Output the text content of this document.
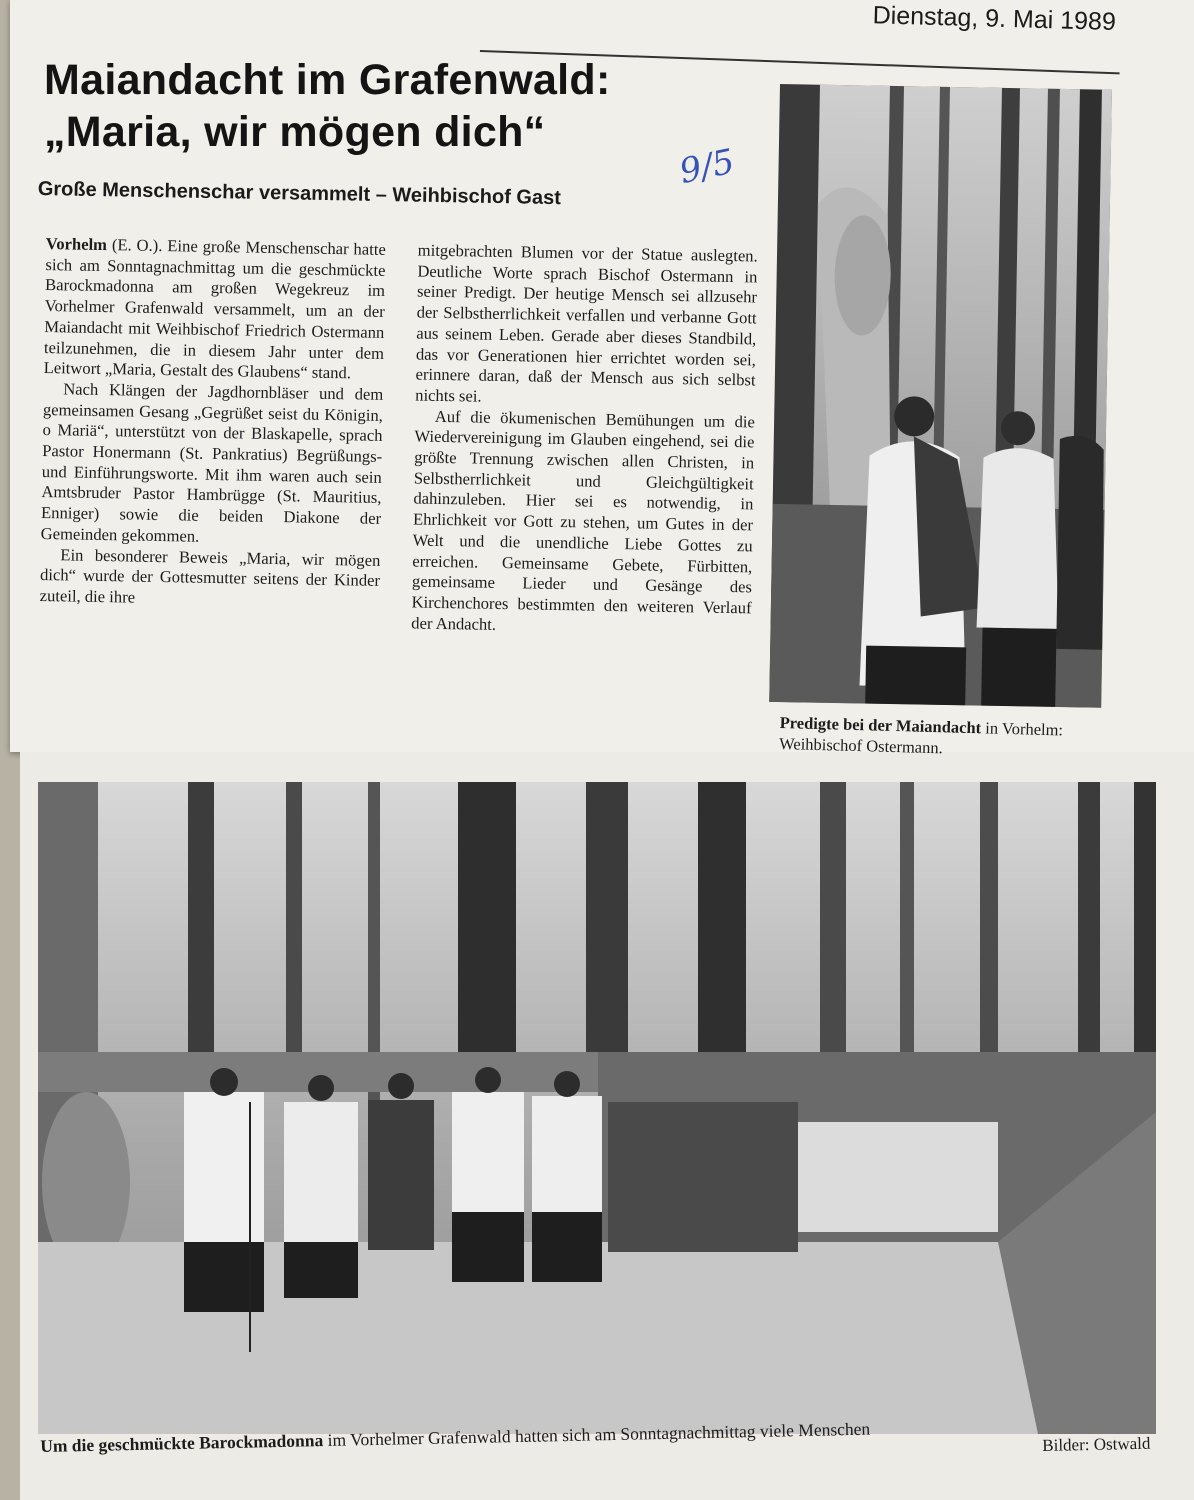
Dienstag, 9. Mai 1989
Maiandacht im Grafenwald:
„Maria, wir mögen dich“
9/5
Große Menschenschar versammelt – Weihbischof Gast

Vorhelm (E. O.). Eine große Menschenschar hatte sich am Sonntagnachmittag um die geschmückte Barockmadonna am großen Wegekreuz im Vorhelmer Grafenwald versammelt, um an der Maiandacht mit Weihbischof Friedrich Ostermann teilzunehmen, die in diesem Jahr unter dem Leitwort „Maria, Gestalt des Glaubens“ stand.

Nach Klängen der Jagdhornbläser und dem gemeinsamen Gesang „Gegrüßet seist du Königin, o Mariä“, unterstützt von der Blaskapelle, sprach Pastor Honermann (St. Pankratius) Begrüßungs- und Einführungsworte. Mit ihm waren auch sein Amtsbruder Pastor Hambrügge (St. Mauritius, Enniger) sowie die beiden Diakone der Gemeinden gekommen.

Ein besonderer Beweis „Maria, wir mögen dich“ wurde der Gottesmutter seitens der Kinder zuteil, die ihre

mitgebrachten Blumen vor der Statue auslegten. Deutliche Worte sprach Bischof Ostermann in seiner Predigt. Der heutige Mensch sei allzusehr der Selbstherrlichkeit verfallen und verbanne Gott aus seinem Leben. Gerade aber dieses Standbild, das vor Generationen hier errichtet worden sei, erinnere daran, daß der Mensch aus sich selbst nichts sei.

Auf die ökumenischen Bemühungen um die Wiedervereinigung im Glauben eingehend, sei die größte Trennung zwischen allen Christen, in Selbstherrlichkeit und Gleichgültigkeit dahinzuleben. Hier sei es notwendig, in Ehrlichkeit vor Gott zu stehen, um Gutes in der Welt und die unendliche Liebe Gottes zu erreichen. Gemeinsame Gebete, Fürbitten, gemeinsame Lieder und Gesänge des Kirchenchores bestimmten den weiteren Verlauf der Andacht.

Predigte bei der Maiandacht in Vorhelm: Weihbischof Ostermann.
Um die geschmückte Barockmadonna im Vorhelmer Grafenwald hatten sich am Sonntagnachmittag viele Menschen	Bilder: Ostwald
